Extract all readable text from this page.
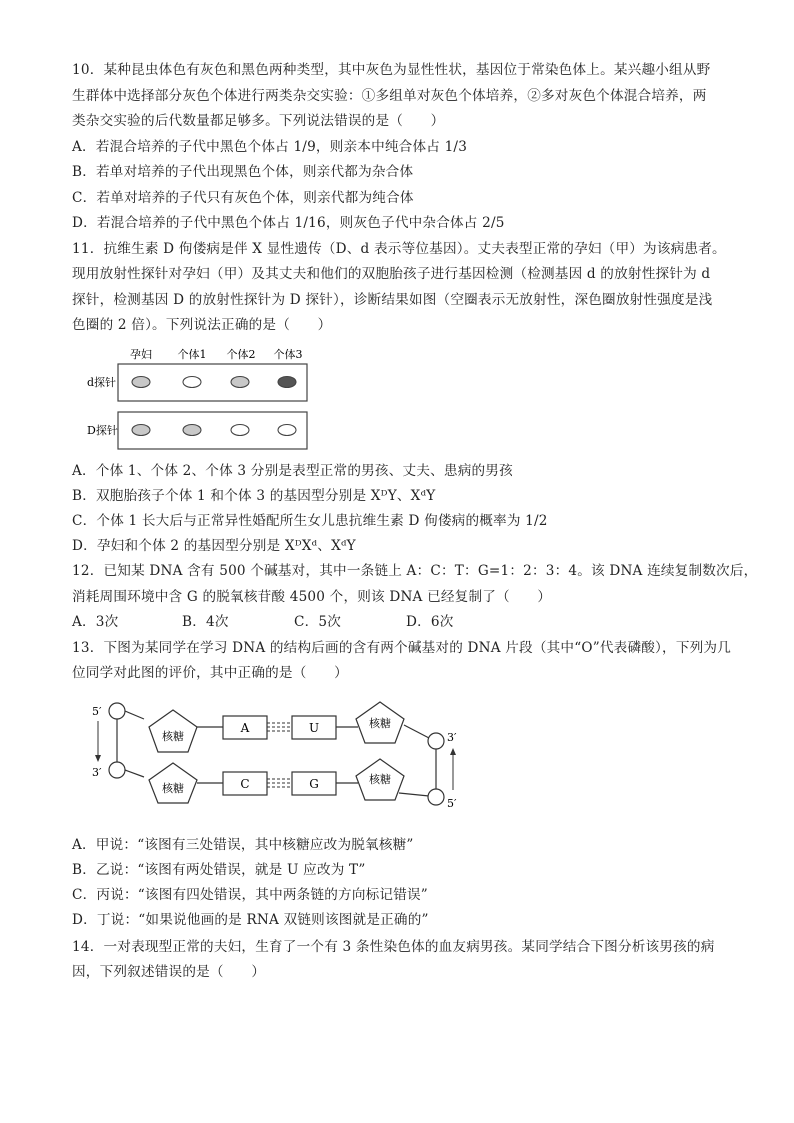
10．某种昆虫体色有灰色和黑色两种类型，其中灰色为显性性状，基因位于常染色体上。某兴趣小组从野
生群体中选择部分灰色个体进行两类杂交实验：①多组单对灰色个体培养，②多对灰色个体混合培养，两
类杂交实验的后代数量都足够多。下列说法错误的是（　　）
A．若混合培养的子代中黑色个体占 1/9，则亲本中纯合体占 1/3
B．若单对培养的子代出现黑色个体，则亲代都为杂合体
C．若单对培养的子代只有灰色个体，则亲代都为纯合体
D．若混合培养的子代中黑色个体占 1/16，则灰色子代中杂合体占 2/5
11．抗维生素 D 佝偻病是伴 X 显性遗传（D、d 表示等位基因）。丈夫表型正常的孕妇（甲）为该病患者。
现用放射性探针对孕妇（甲）及其丈夫和他们的双胞胎孩子进行基因检测（检测基因 d 的放射性探针为 d
探针，检测基因 D 的放射性探针为 D 探针），诊断结果如图（空圈表示无放射性，深色圈放射性强度是浅
色圈的 2 倍）。下列说法正确的是（　　）
孕妇 个体1 个体2 个体3
d探针
D探针
A．个体 1、个体 2、个体 3 分别是表型正常的男孩、丈夫、患病的男孩
B．双胞胎孩子个体 1 和个体 3 的基因型分别是 XᴰY、XᵈY
C．个体 1 长大后与正常异性婚配所生女儿患抗维生素 D 佝偻病的概率为 1/2
D．孕妇和个体 2 的基因型分别是 XᴰXᵈ、XᵈY
12．已知某 DNA 含有 500 个碱基对，其中一条链上 A：C：T：G=1：2：3：4。该 DNA 连续复制数次后，
消耗周围环境中含 G 的脱氧核苷酸 4500 个，则该 DNA 已经复制了（　　）
A．3次	B．4次	C．5次	D．6次
13．下图为某同学在学习 DNA 的结构后画的含有两个碱基对的 DNA 片段（其中“O”代表磷酸），下列为几
位同学对此图的评价，其中正确的是（　　）
5′
3′
核糖
核糖
A	U
C	G
核糖
核糖
3′
5′
A．甲说：“该图有三处错误，其中核糖应改为脱氧核糖”
B．乙说：“该图有两处错误，就是 U 应改为 T”
C．丙说：“该图有四处错误，其中两条链的方向标记错误”
D．丁说：“如果说他画的是 RNA 双链则该图就是正确的”
14．一对表现型正常的夫妇，生育了一个有 3 条性染色体的血友病男孩。某同学结合下图分析该男孩的病
因，下列叙述错误的是（　　）
